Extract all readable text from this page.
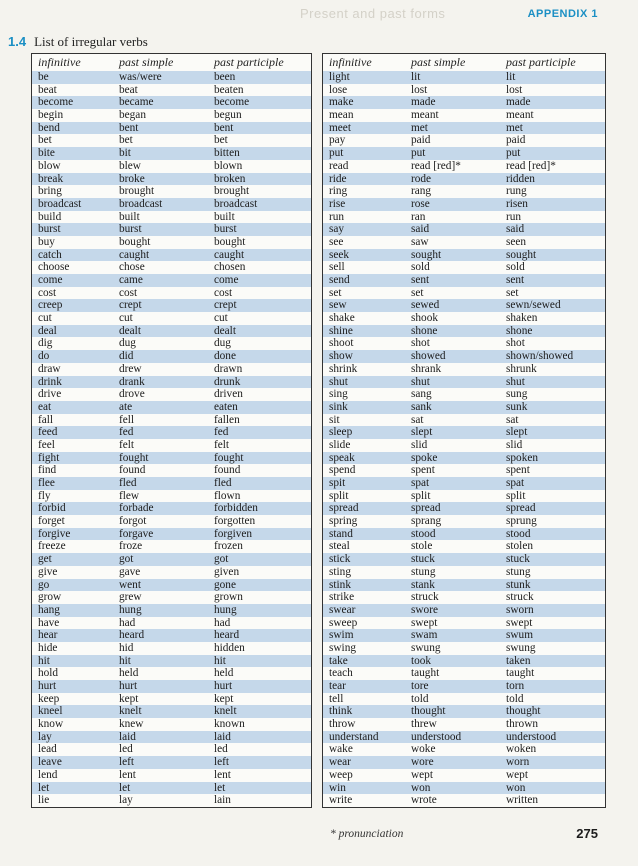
Present and past forms	APPENDIX 1
1.4 List of irregular verbs
infinitive	past simple	past participle
be	was/were	been
beat	beat	beaten
become	became	become
begin	began	begun
bend	bent	bent
bet	bet	bet
bite	bit	bitten
blow	blew	blown
break	broke	broken
bring	brought	brought
broadcast	broadcast	broadcast
build	built	built
burst	burst	burst
buy	bought	bought
catch	caught	caught
choose	chose	chosen
come	came	come
cost	cost	cost
creep	crept	crept
cut	cut	cut
deal	dealt	dealt
dig	dug	dug
do	did	done
draw	drew	drawn
drink	drank	drunk
drive	drove	driven
eat	ate	eaten
fall	fell	fallen
feed	fed	fed
feel	felt	felt
fight	fought	fought
find	found	found
flee	fled	fled
fly	flew	flown
forbid	forbade	forbidden
forget	forgot	forgotten
forgive	forgave	forgiven
freeze	froze	frozen
get	got	got
give	gave	given
go	went	gone
grow	grew	grown
hang	hung	hung
have	had	had
hear	heard	heard
hide	hid	hidden
hit	hit	hit
hold	held	held
hurt	hurt	hurt
keep	kept	kept
kneel	knelt	knelt
know	knew	known
lay	laid	laid
lead	led	led
leave	left	left
lend	lent	lent
let	let	let
lie	lay	lain
infinitive	past simple	past participle
light	lit	lit
lose	lost	lost
make	made	made
mean	meant	meant
meet	met	met
pay	paid	paid
put	put	put
read	read [red]*	read [red]*
ride	rode	ridden
ring	rang	rung
rise	rose	risen
run	ran	run
say	said	said
see	saw	seen
seek	sought	sought
sell	sold	sold
send	sent	sent
set	set	set
sew	sewed	sewn/sewed
shake	shook	shaken
shine	shone	shone
shoot	shot	shot
show	showed	shown/showed
shrink	shrank	shrunk
shut	shut	shut
sing	sang	sung
sink	sank	sunk
sit	sat	sat
sleep	slept	slept
slide	slid	slid
speak	spoke	spoken
spend	spent	spent
spit	spat	spat
split	split	split
spread	spread	spread
spring	sprang	sprung
stand	stood	stood
steal	stole	stolen
stick	stuck	stuck
sting	stung	stung
stink	stank	stunk
strike	struck	struck
swear	swore	sworn
sweep	swept	swept
swim	swam	swum
swing	swung	swung
take	took	taken
teach	taught	taught
tear	tore	torn
tell	told	told
think	thought	thought
throw	threw	thrown
understand	understood	understood
wake	woke	woken
wear	wore	worn
weep	wept	wept
win	won	won
write	wrote	written
* pronunciation	275
